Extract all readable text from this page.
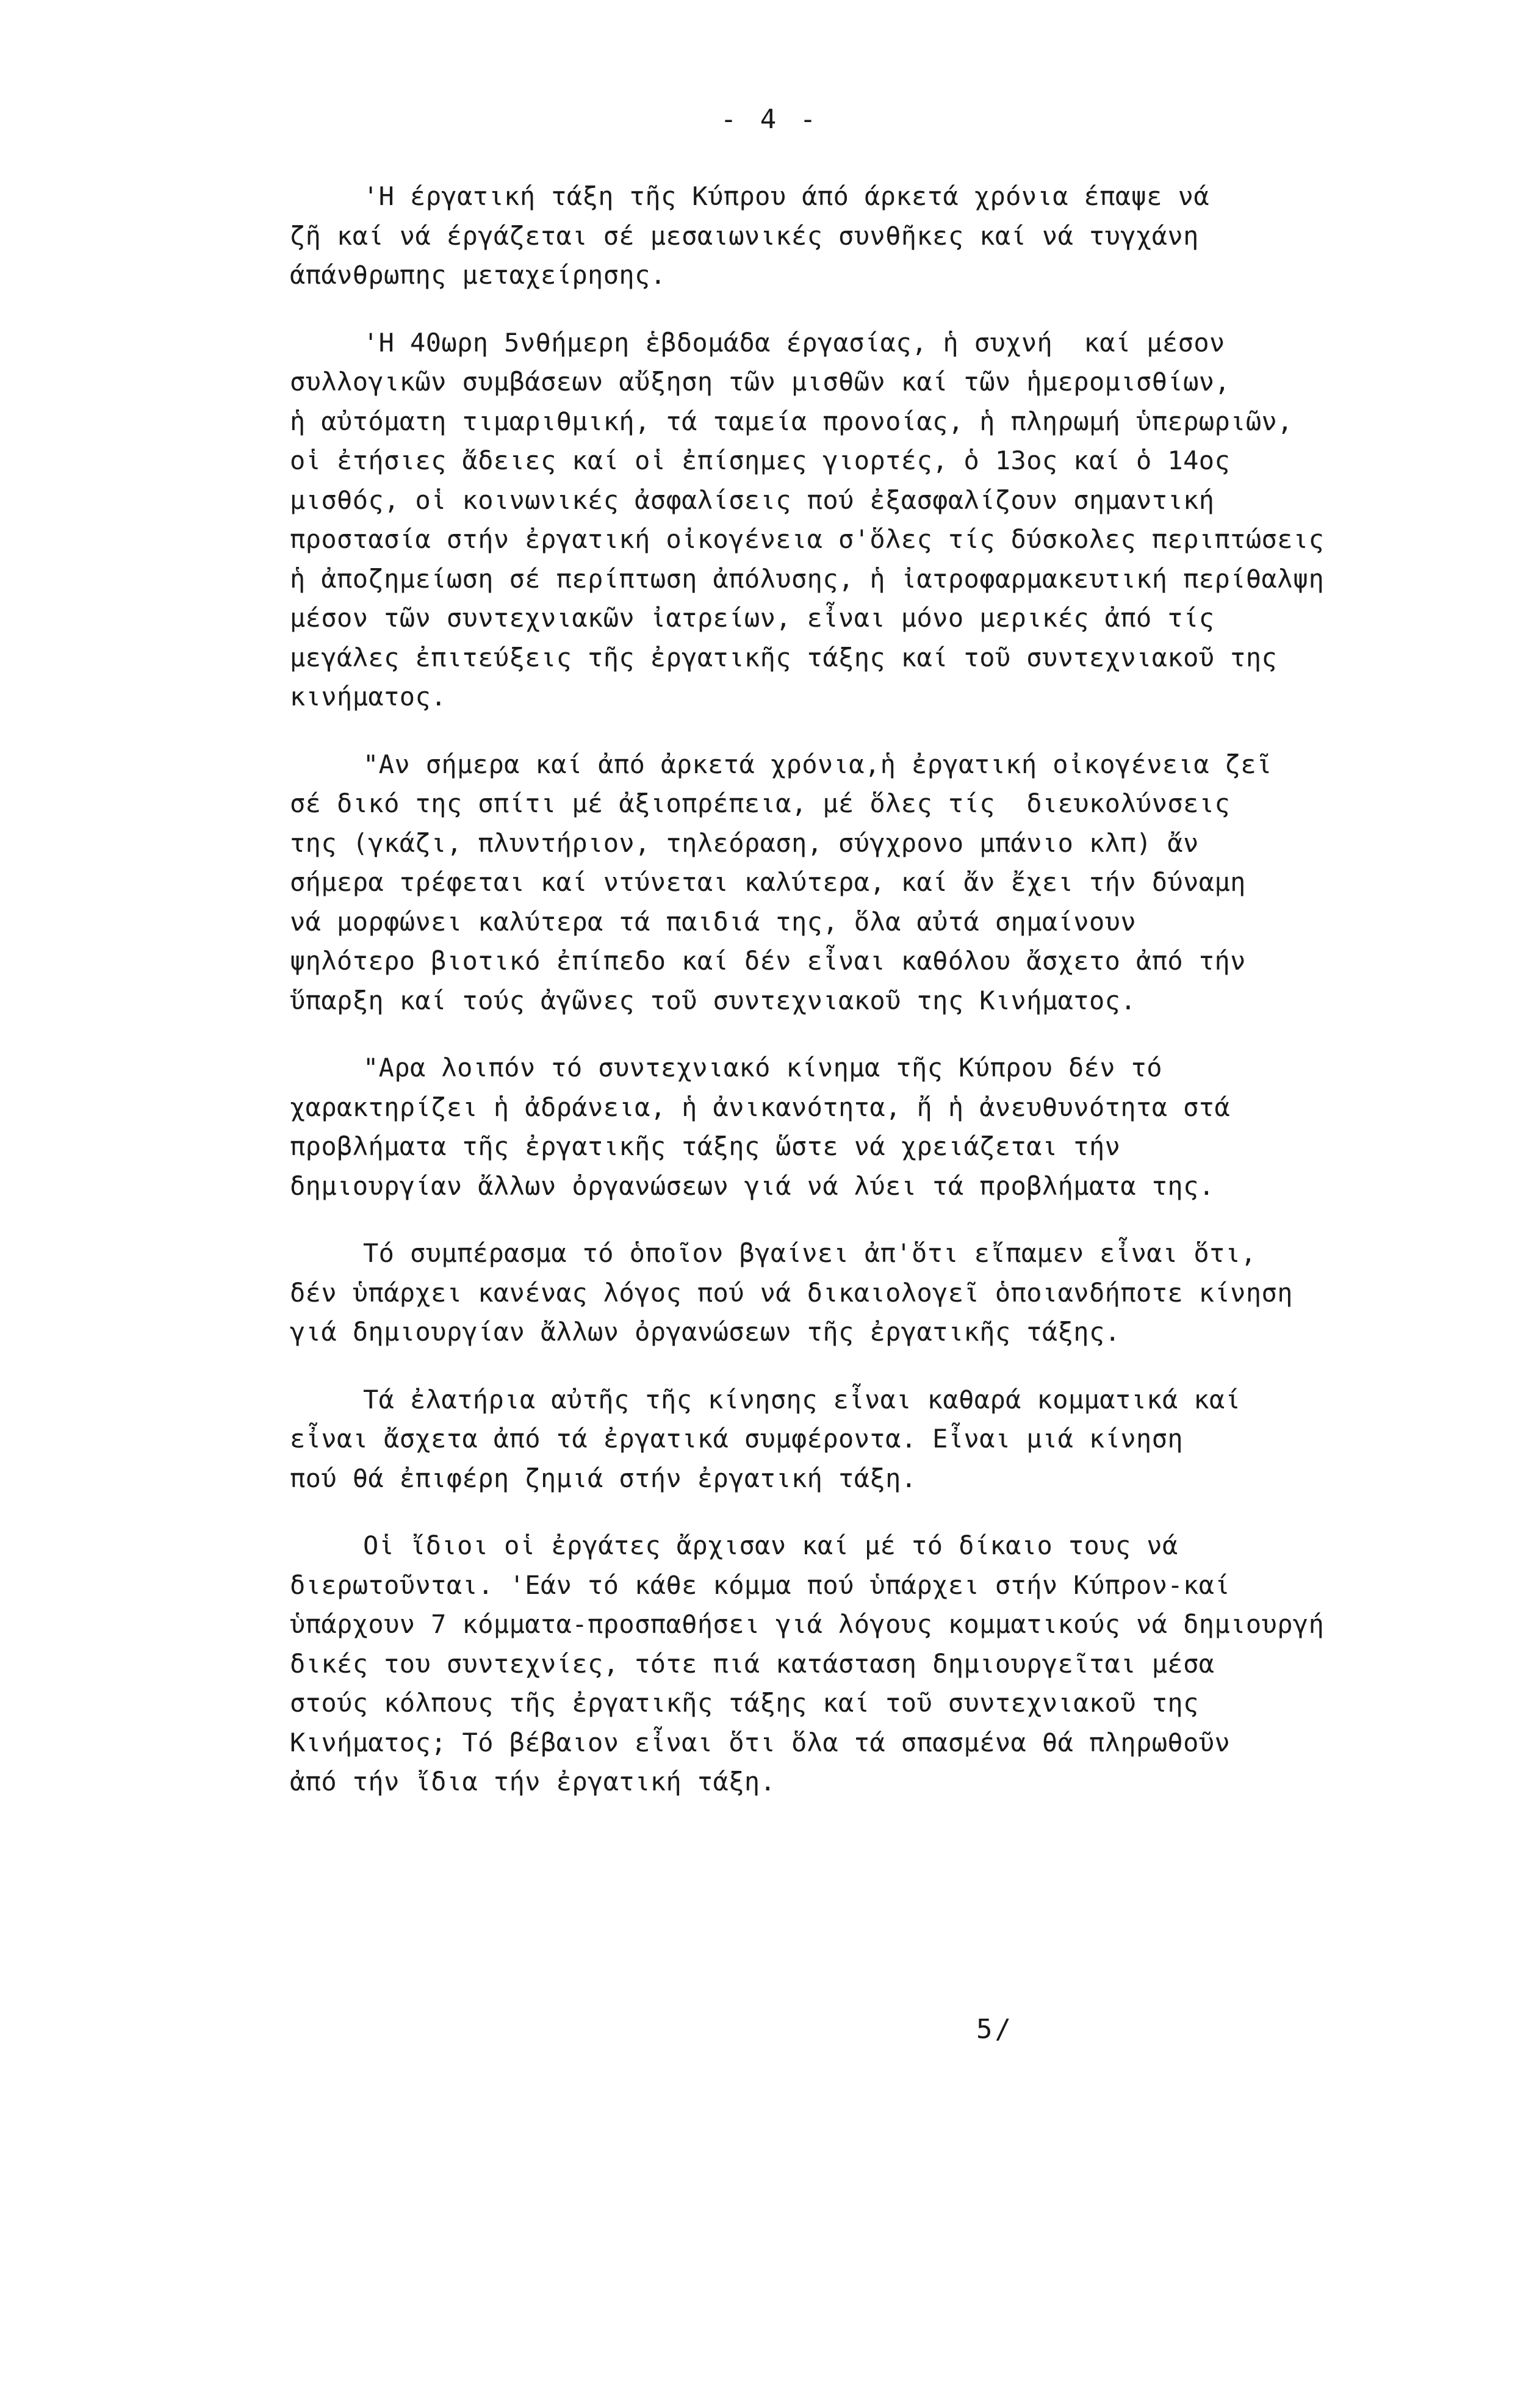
- 4 -
'Η έργατική τάξη τῆς Κύπρου άπό άρκετά χρόνια έπαψε νά
ζῆ καί νά έργάζεται σέ μεσαιωνικές συνθῆκες καί νά τυγχάνη
άπάνθρωπης μεταχείρησης.
'Η 40ωρη 5νθήμερη ἑβδομάδα έργασίας, ἡ συχνή  καί μέσον
συλλογικῶν συμβάσεων αὔξηση τῶν μισθῶν καί τῶν ἡμερομισθίων,
ἡ αὐτόματη τιμαριθμική, τά ταμεία προνοίας, ἡ πληρωμή ὑπερωριῶν,
οἱ ἐτήσιες ἄδειες καί οἱ ἐπίσημες γιορτές, ὁ 13ος καί ὁ 14ος
μισθός, οἱ κοινωνικές ἀσφαλίσεις πού ἐξασφαλίζουν σημαντική
προστασία στήν ἐργατική οἰκογένεια σ'ὅλες τίς δύσκολες περιπτώσεις
ἡ ἀποζημείωση σέ περίπτωση ἀπόλυσης, ἡ ἰατροφαρμακευτική περίθαλψη
μέσον τῶν συντεχνιακῶν ἰατρείων, εἶναι μόνο μερικές ἀπό τίς
μεγάλες ἐπιτεύξεις τῆς ἐργατικῆς τάξης καί τοῦ συντεχνιακοῦ της
κινήματος.
"Αν σήμερα καί ἀπό ἀρκετά χρόνια,ἡ ἐργατική οἰκογένεια ζεῖ
σέ δικό της σπίτι μέ ἀξιοπρέπεια, μέ ὅλες τίς  διευκολύνσεις
της (γκάζι, πλυντήριον, τηλεόραση, σύγχρονο μπάνιο κλπ) ἄν
σήμερα τρέφεται καί ντύνεται καλύτερα, καί ἄν ἔχει τήν δύναμη
νά μορφώνει καλύτερα τά παιδιά της, ὅλα αὐτά σημαίνουν
ψηλότερο βιοτικό ἐπίπεδο καί δέν εἶναι καθόλου ἄσχετο ἀπό τήν
ὕπαρξη καί τούς ἀγῶνες τοῦ συντεχνιακοῦ της Κινήματος.
"Αρα λοιπόν τό συντεχνιακό κίνημα τῆς Κύπρου δέν τό
χαρακτηρίζει ἡ ἀδράνεια, ἡ ἀνικανότητα, ἤ ἡ ἀνευθυνότητα στά
προβλήματα τῆς ἐργατικῆς τάξης ὥστε νά χρειάζεται τήν
δημιουργίαν ἄλλων ὀργανώσεων γιά νά λύει τά προβλήματα της.
Τό συμπέρασμα τό ὁποῖον βγαίνει ἀπ'ὅτι εἴπαμεν εἶναι ὅτι,
δέν ὑπάρχει κανένας λόγος πού νά δικαιολογεῖ ὁποιανδήποτε κίνηση
γιά δημιουργίαν ἄλλων ὀργανώσεων τῆς ἐργατικῆς τάξης.
Τά ἐλατήρια αὐτῆς τῆς κίνησης εἶναι καθαρά κομματικά καί
εἶναι ἄσχετα ἀπό τά ἐργατικά συμφέροντα. Εἶναι μιά κίνηση
πού θά ἐπιφέρη ζημιά στήν ἐργατική τάξη.
Οἱ ἴδιοι οἱ ἐργάτες ἄρχισαν καί μέ τό δίκαιο τους νά
διερωτοῦνται. 'Εάν τό κάθε κόμμα πού ὑπάρχει στήν Κύπρον-καί
ὑπάρχουν 7 κόμματα-προσπαθήσει γιά λόγους κομματικούς νά δημιουργή
δικές του συντεχνίες, τότε πιά κατάσταση δημιουργεῖται μέσα
στούς κόλπους τῆς ἐργατικῆς τάξης καί τοῦ συντεχνιακοῦ της
Κινήματος; Τό βέβαιον εἶναι ὅτι ὅλα τά σπασμένα θά πληρωθοῦν
ἀπό τήν ἴδια τήν ἐργατική τάξη.
5/
